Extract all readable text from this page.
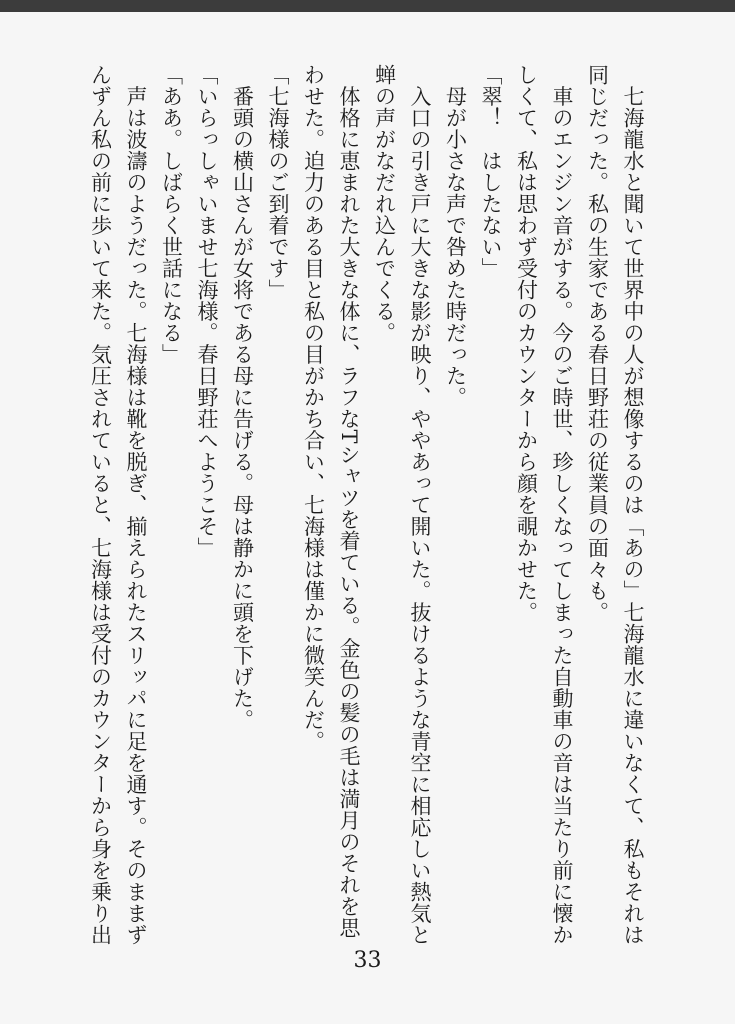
　七海龍水と聞いて世界中の人が想像するのは「あの」七海龍水に違いなくて、私もそれは
同じだった。私の生家である春日野荘の従業員の面々も。
　車のエンジン音がする。今のご時世、珍しくなってしまった自動車の音は当たり前に懐か
しくて、私は思わず受付のカウンターから顔を覗かせた。
「翠！　はしたない」
　母が小さな声で咎めた時だった。
　入口の引き戸に大きな影が映り、ややあって開いた。抜けるような青空に相応しい熱気と
蝉の声がなだれ込んでくる。
　体格に恵まれた大きな体に、ラフなTシャツを着ている。金色の髪の毛は満月のそれを思
わせた。迫力のある目と私の目がかち合い、七海様は僅かに微笑んだ。
「七海様のご到着です」
　番頭の横山さんが女将である母に告げる。母は静かに頭を下げた。
「いらっしゃいませ七海様。春日野荘へようこそ」
「ああ。しばらく世話になる」
　声は波濤のようだった。七海様は靴を脱ぎ、揃えられたスリッパに足を通す。そのままず
んずん私の前に歩いて来た。気圧されていると、七海様は受付のカウンターから身を乗り出
33
